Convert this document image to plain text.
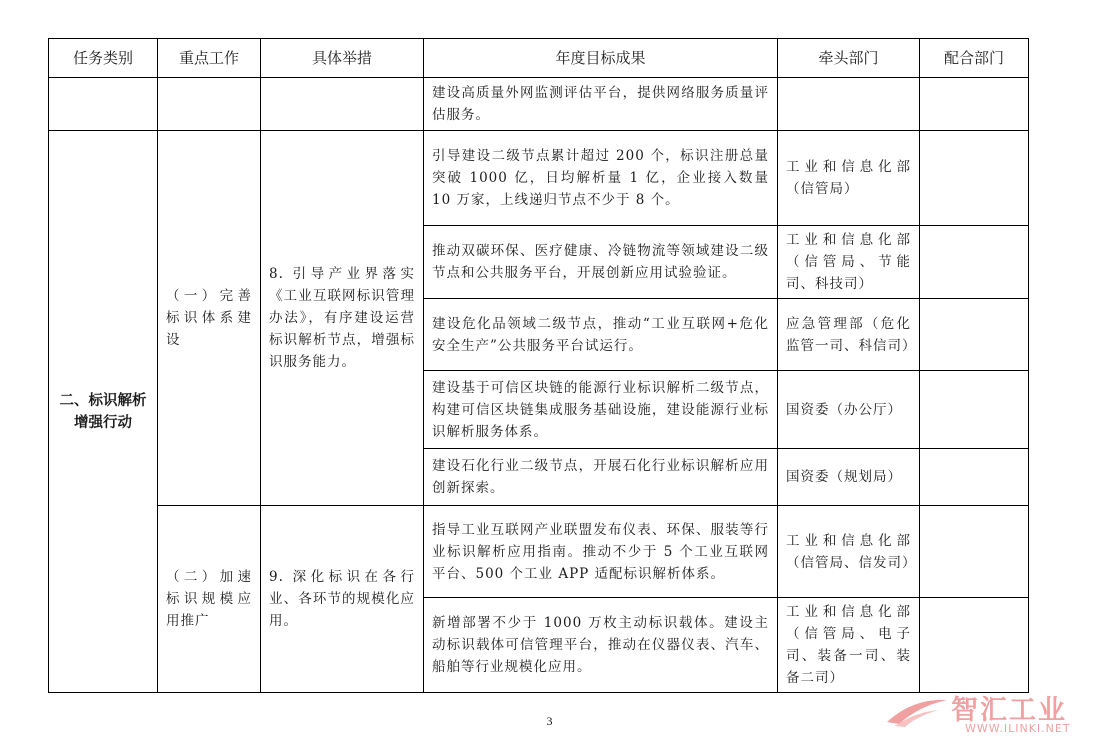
任务类别	重点工作	具体举措	年度目标成果	牵头部门	配合部门
			建设高质量外网监测评估平台，提供网络服务质量评估服务。		
二、标识解析增强行动	（一）完善标识体系建设	8. 引导产业界落实《工业互联网标识管理办法》，有序建设运营标识解析节点，增强标识服务能力。	引导建设二级节点累计超过 200 个，标识注册总量突破 1000 亿，日均解析量 1 亿，企业接入数量 10 万家，上线递归节点不少于 8 个。	工业和信息化部（信管局）	
			推动双碳环保、医疗健康、冷链物流等领域建设二级节点和公共服务平台，开展创新应用试验验证。	工业和信息化部（信管局、节能司、科技司）	
			建设危化品领域二级节点，推动“工业互联网+危化安全生产”公共服务平台试运行。	应急管理部（危化监管一司、科信司）	
			建设基于可信区块链的能源行业标识解析二级节点，构建可信区块链集成服务基础设施，建设能源行业标识解析服务体系。	国资委（办公厅）	
			建设石化行业二级节点，开展石化行业标识解析应用创新探索。	国资委（规划局）	
	（二）加速标识规模应用推广	9. 深化标识在各行业、各环节的规模化应用。	指导工业互联网产业联盟发布仪表、环保、服装等行业标识解析应用指南。推动不少于 5 个工业互联网平台、500 个工业 APP 适配标识解析体系。	工业和信息化部（信管局、信发司）	
			新增部署不少于 1000 万枚主动标识载体。建设主动标识载体可信管理平台，推动在仪器仪表、汽车、船舶等行业规模化应用。	工业和信息化部（信管局、电子司、装备一司、装备二司）	
3	智汇工业
WWW.ILINKI.NET
